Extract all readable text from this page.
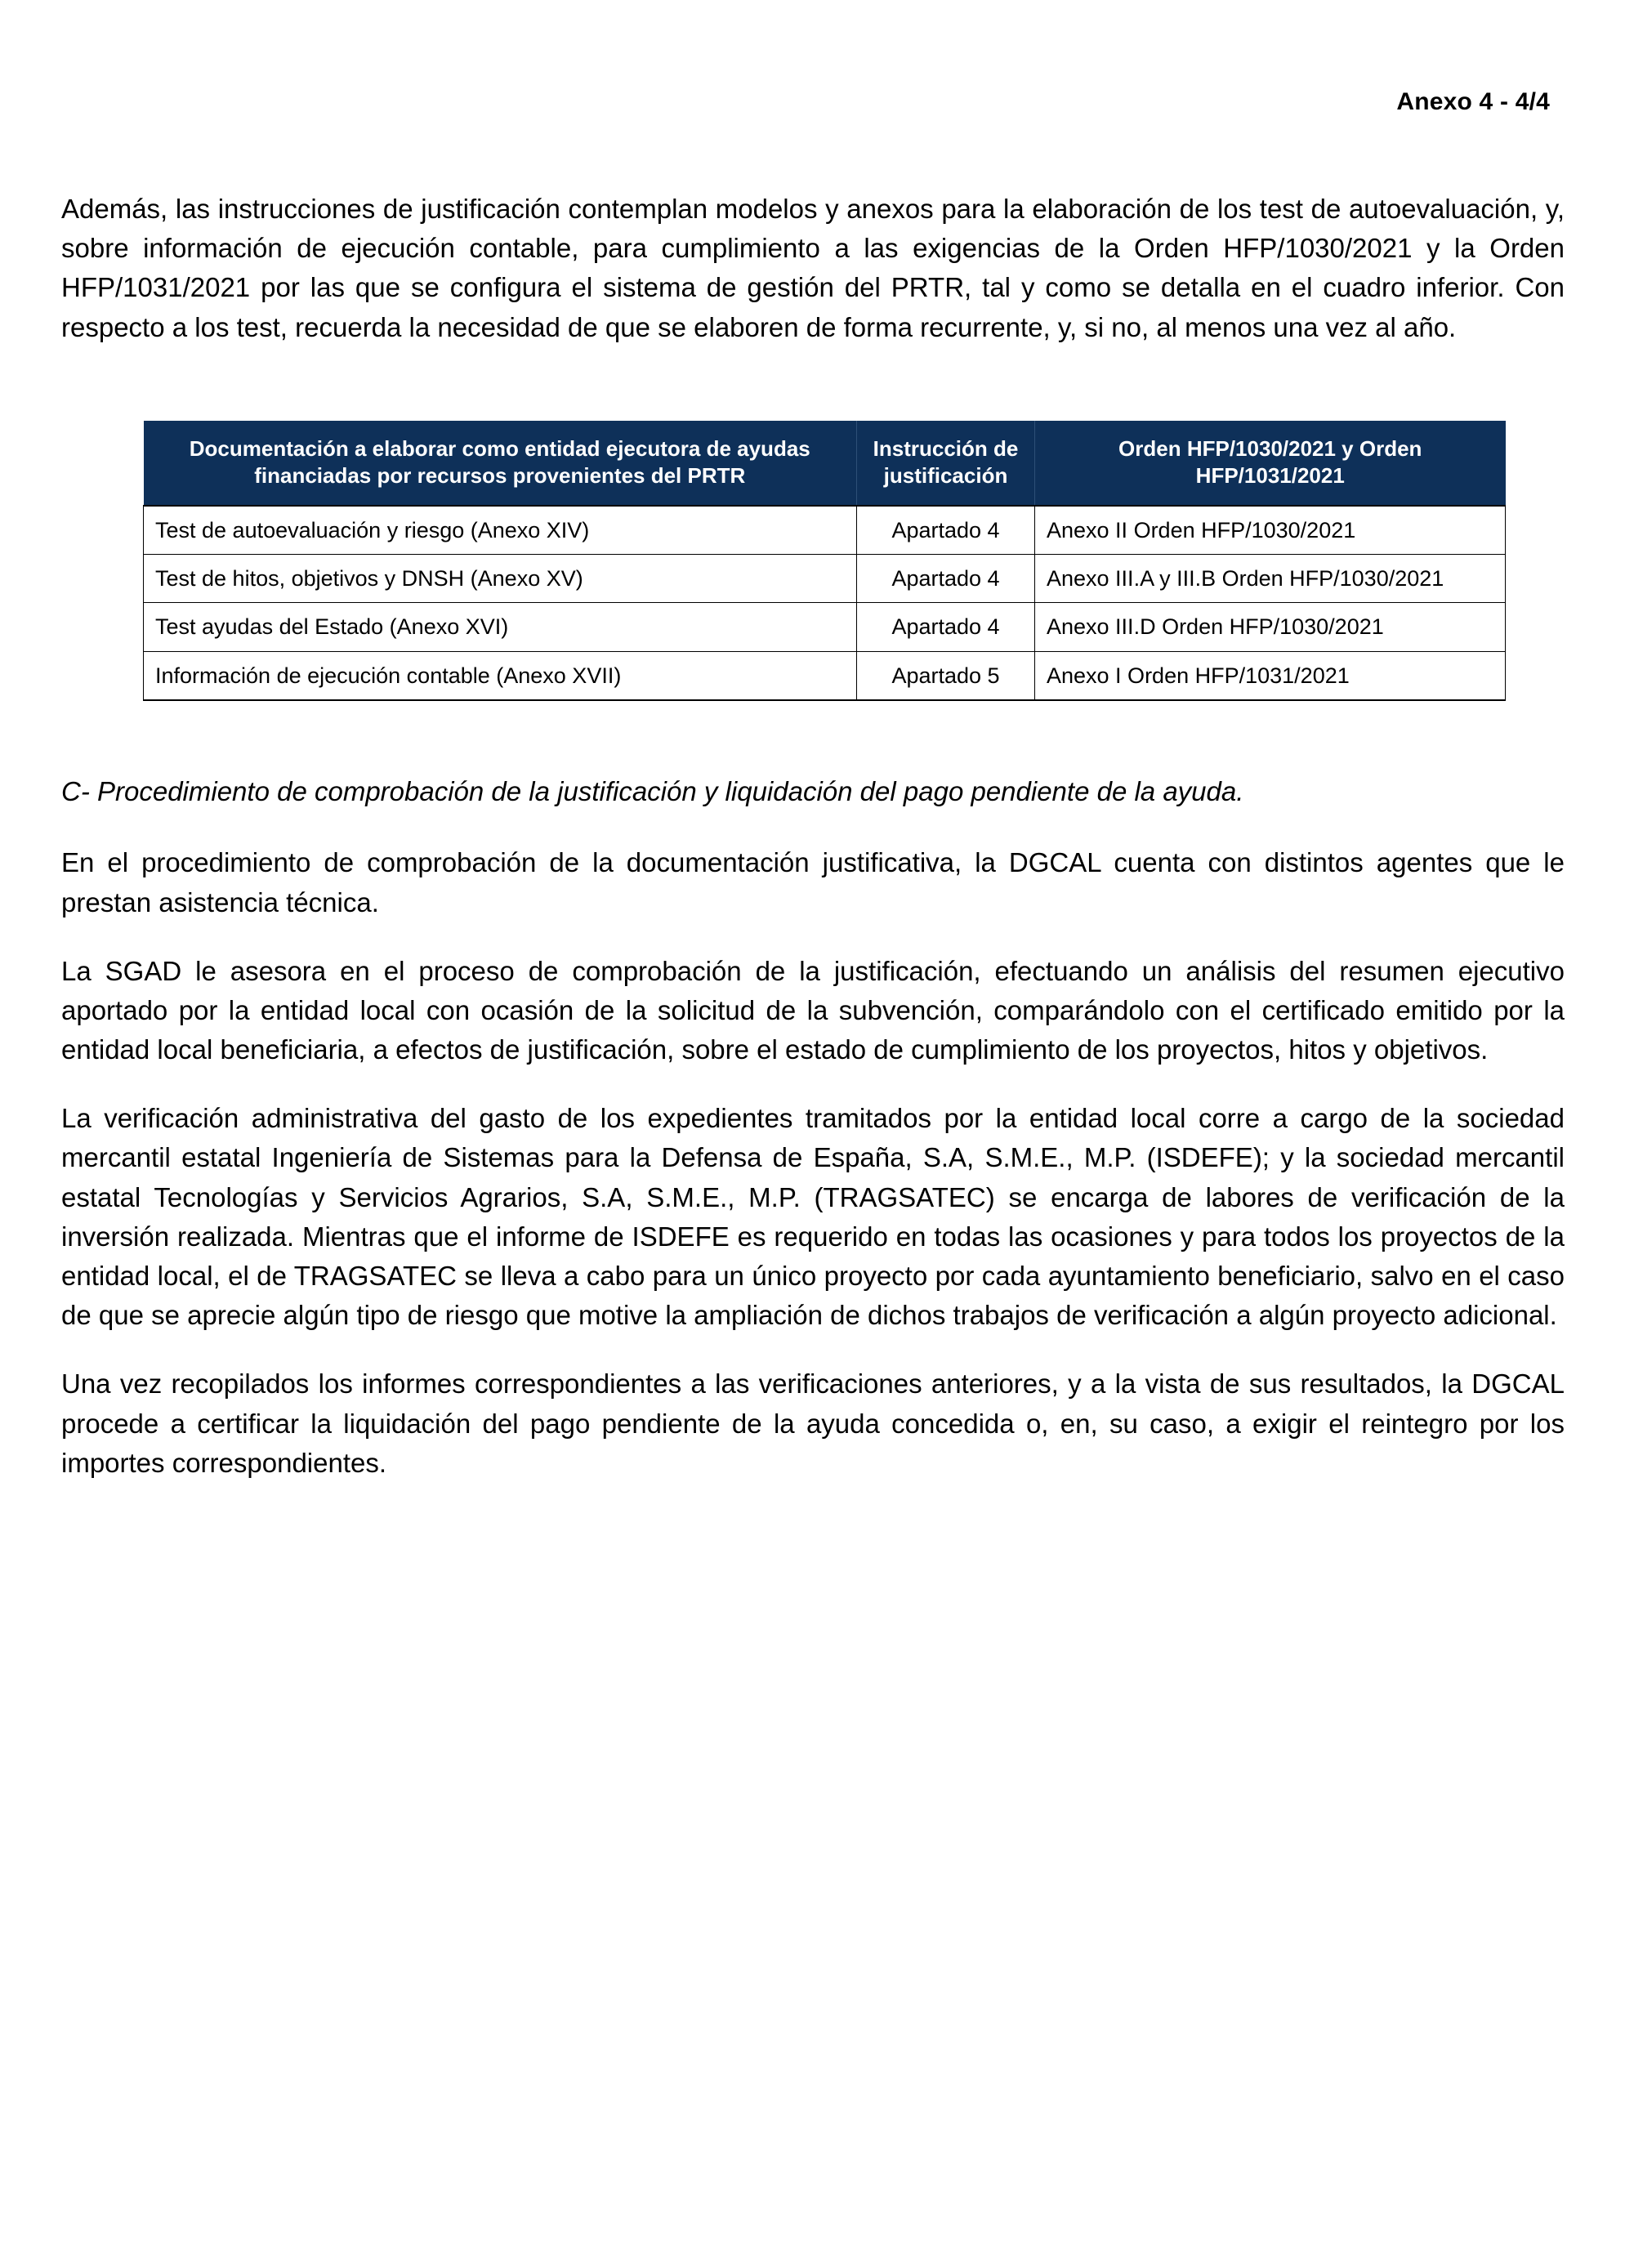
Anexo 4 - 4/4

Además, las instrucciones de justificación contemplan modelos y anexos para la elaboración de los test de autoevaluación, y, sobre información de ejecución contable, para cumplimiento a las exigencias de la Orden HFP/1030/2021 y la Orden HFP/1031/2021 por las que se configura el sistema de gestión del PRTR, tal y como se detalla en el cuadro inferior. Con respecto a los test, recuerda la necesidad de que se elaboren de forma recurrente, y, si no, al menos una vez al año.

Documentación a elaborar como entidad ejecutora de ayudas financiadas por recursos provenientes del PRTR	Instrucción de justificación	Orden HFP/1030/2021 y Orden HFP/1031/2021
Test de autoevaluación y riesgo (Anexo XIV)	Apartado 4	Anexo II Orden HFP/1030/2021
Test de hitos, objetivos y DNSH (Anexo XV)	Apartado 4	Anexo III.A y III.B Orden HFP/1030/2021
Test ayudas del Estado (Anexo XVI)	Apartado 4	Anexo III.D Orden HFP/1030/2021
Información de ejecución contable (Anexo XVII)	Apartado 5	Anexo I Orden HFP/1031/2021

C- Procedimiento de comprobación de la justificación y liquidación del pago pendiente de la ayuda.

En el procedimiento de comprobación de la documentación justificativa, la DGCAL cuenta con distintos agentes que le prestan asistencia técnica.

La SGAD le asesora en el proceso de comprobación de la justificación, efectuando un análisis del resumen ejecutivo aportado por la entidad local con ocasión de la solicitud de la subvención, comparándolo con el certificado emitido por la entidad local beneficiaria, a efectos de justificación, sobre el estado de cumplimiento de los proyectos, hitos y objetivos.

La verificación administrativa del gasto de los expedientes tramitados por la entidad local corre a cargo de la sociedad mercantil estatal Ingeniería de Sistemas para la Defensa de España, S.A, S.M.E., M.P. (ISDEFE); y la sociedad mercantil estatal Tecnologías y Servicios Agrarios, S.A, S.M.E., M.P. (TRAGSATEC) se encarga de labores de verificación de la inversión realizada. Mientras que el informe de ISDEFE es requerido en todas las ocasiones y para todos los proyectos de la entidad local, el de TRAGSATEC se lleva a cabo para un único proyecto por cada ayuntamiento beneficiario, salvo en el caso de que se aprecie algún tipo de riesgo que motive la ampliación de dichos trabajos de verificación a algún proyecto adicional.

Una vez recopilados los informes correspondientes a las verificaciones anteriores, y a la vista de sus resultados, la DGCAL procede a certificar la liquidación del pago pendiente de la ayuda concedida o, en, su caso, a exigir el reintegro por los importes correspondientes.
